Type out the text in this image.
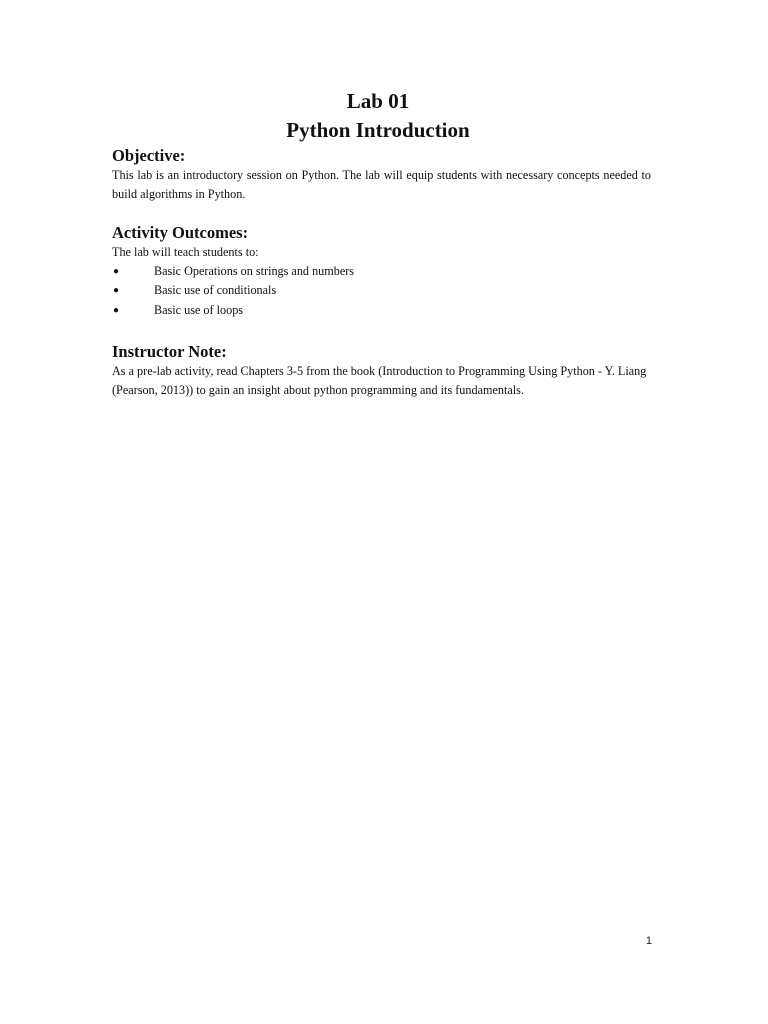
Lab 01
Python Introduction
Objective:

This lab is an introductory session on Python. The lab will equip students with necessary concepts needed to build algorithms in Python.

Activity Outcomes:

The lab will teach students to:

●	Basic Operations on strings and numbers
●	Basic use of conditionals
●	Basic use of loops
Instructor Note:

As a pre-lab activity, read Chapters 3-5 from the book (Introduction to Programming Using Python - Y. Liang (Pearson, 2013)) to gain an insight about python programming and its fundamentals.

1
